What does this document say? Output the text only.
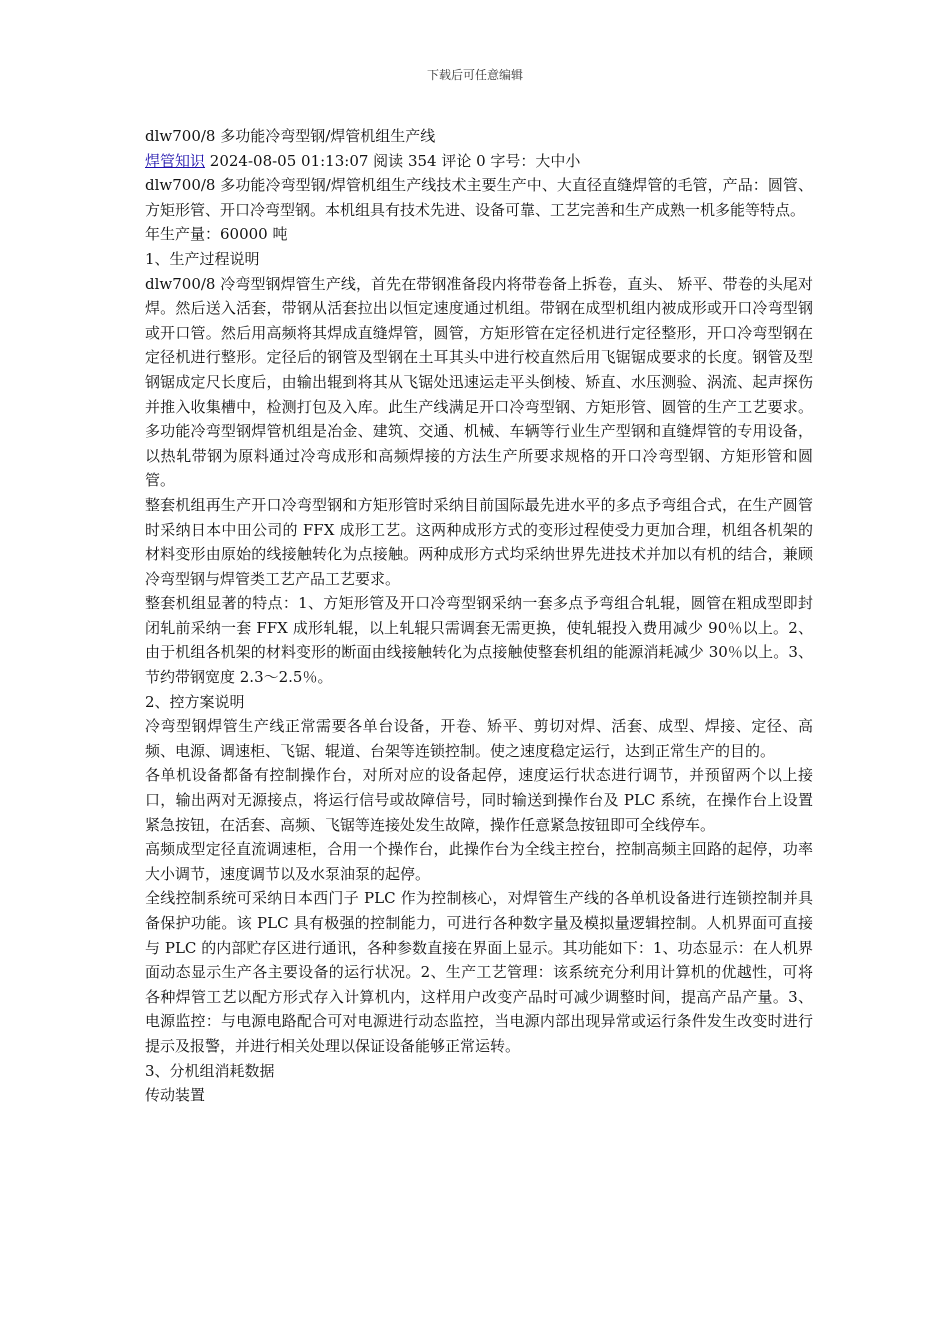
下载后可任意编辑

dlw700/8 多功能冷弯型钢/焊管机组生产线

焊管知识 2024-08-05 01:13:07 阅读 354 评论 0 字号：大中小

dlw700/8 多功能冷弯型钢/焊管机组生产线技术主要生产中、大直径直缝焊管的毛管，产品：圆管、方矩形管、开口冷弯型钢。本机组具有技术先进、设备可靠、工艺完善和生产成熟一机多能等特点。

年生产量：60000 吨

1、生产过程说明

dlw700/8 冷弯型钢焊管生产线，首先在带钢准备段内将带卷备上拆卷，直头、 矫平、带卷的头尾对焊。然后送入活套，带钢从活套拉出以恒定速度通过机组。带钢在成型机组内被成形或开口冷弯型钢或开口管。然后用高频将其焊成直缝焊管，圆管，方矩形管在定径机进行定径整形，开口冷弯型钢在定径机进行整形。定径后的钢管及型钢在土耳其头中进行校直然后用飞锯锯成要求的长度。钢管及型钢锯成定尺长度后，由输出辊到将其从飞锯处迅速运走平头倒棱、矫直、水压测验、涡流、起声探伤并推入收集槽中，检测打包及入库。此生产线满足开口冷弯型钢、方矩形管、圆管的生产工艺要求。多功能冷弯型钢焊管机组是冶金、建筑、交通、机械、车辆等行业生产型钢和直缝焊管的专用设备，以热轧带钢为原料通过冷弯成形和高频焊接的方法生产所要求规格的开口冷弯型钢、方矩形管和圆管。

整套机组再生产开口冷弯型钢和方矩形管时采纳目前国际最先进水平的多点予弯组合式，在生产圆管时采纳日本中田公司的 FFX 成形工艺。这两种成形方式的变形过程使受力更加合理，机组各机架的材料变形由原始的线接触转化为点接触。两种成形方式均采纳世界先进技术并加以有机的结合，兼顾冷弯型钢与焊管类工艺产品工艺要求。

整套机组显著的特点：1、方矩形管及开口冷弯型钢采纳一套多点予弯组合轧辊，圆管在粗成型即封闭轧前采纳一套 FFX 成形轧辊，以上轧辊只需调套无需更换，使轧辊投入费用减少 90％以上。2、由于机组各机架的材料变形的断面由线接触转化为点接触使整套机组的能源消耗减少 30％以上。3、节约带钢宽度 2.3～2.5％。

2、控方案说明

冷弯型钢焊管生产线正常需要各单台设备，开卷、矫平、剪切对焊、活套、成型、焊接、定径、高频、电源、调速柜、飞锯、辊道、台架等连锁控制。使之速度稳定运行，达到正常生产的目的。

各单机设备都备有控制操作台，对所对应的设备起停，速度运行状态进行调节，并预留两个以上接口，输出两对无源接点，将运行信号或故障信号，同时输送到操作台及 PLC 系统，在操作台上设置紧急按钮，在活套、高频、飞锯等连接处发生故障，操作任意紧急按钮即可全线停车。

高频成型定径直流调速柜，合用一个操作台，此操作台为全线主控台，控制高频主回路的起停，功率大小调节，速度调节以及水泵油泵的起停。

全线控制系统可采纳日本西门子 PLC 作为控制核心，对焊管生产线的各单机设备进行连锁控制并具备保护功能。该 PLC 具有极强的控制能力，可进行各种数字量及模拟量逻辑控制。人机界面可直接与 PLC 的内部贮存区进行通讯，各种参数直接在界面上显示。其功能如下：1、功态显示：在人机界面动态显示生产各主要设备的运行状况。2、生产工艺管理：该系统充分利用计算机的优越性，可将各种焊管工艺以配方形式存入计算机内，这样用户改变产品时可减少调整时间，提高产品产量。3、电源监控：与电源电路配合可对电源进行动态监控，当电源内部出现异常或运行条件发生改变时进行提示及报警，并进行相关处理以保证设备能够正常运转。

3、分机组消耗数据

传动装置
